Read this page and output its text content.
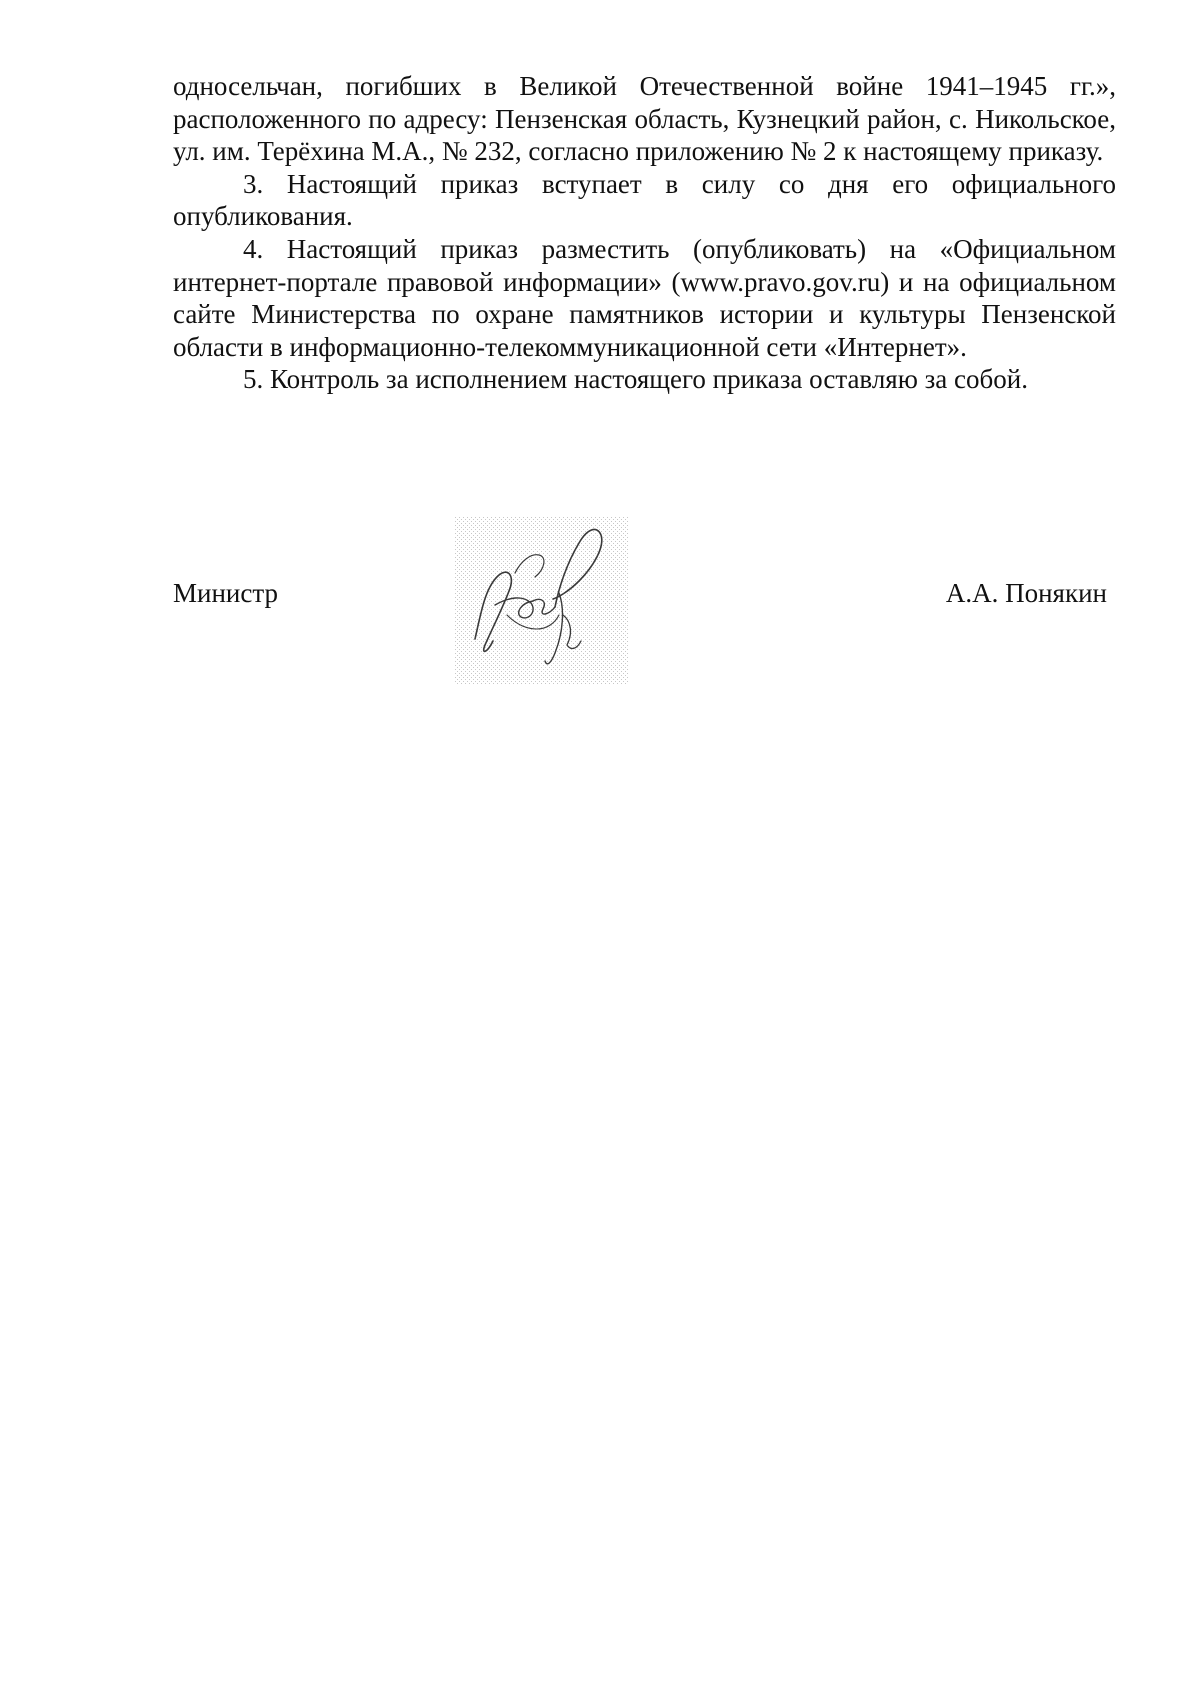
односельчан, погибших в Великой Отечественной войне 1941–1945 гг.», расположенного по адресу: Пензенская область, Кузнецкий район, с. Никольское, ул. им. Терёхина М.А., № 232, согласно приложению № 2 к настоящему приказу.

3. Настоящий приказ вступает в силу со дня его официального опубликования.

4. Настоящий приказ разместить (опубликовать) на «Официальном интернет-портале правовой информации» (www.pravo.gov.ru) и на официальном сайте Министерства по охране памятников истории и культуры Пензенской области в информационно-телекоммуникационной сети «Интернет».

5. Контроль за исполнением настоящего приказа оставляю за собой.

Министр	А.А. Понякин
